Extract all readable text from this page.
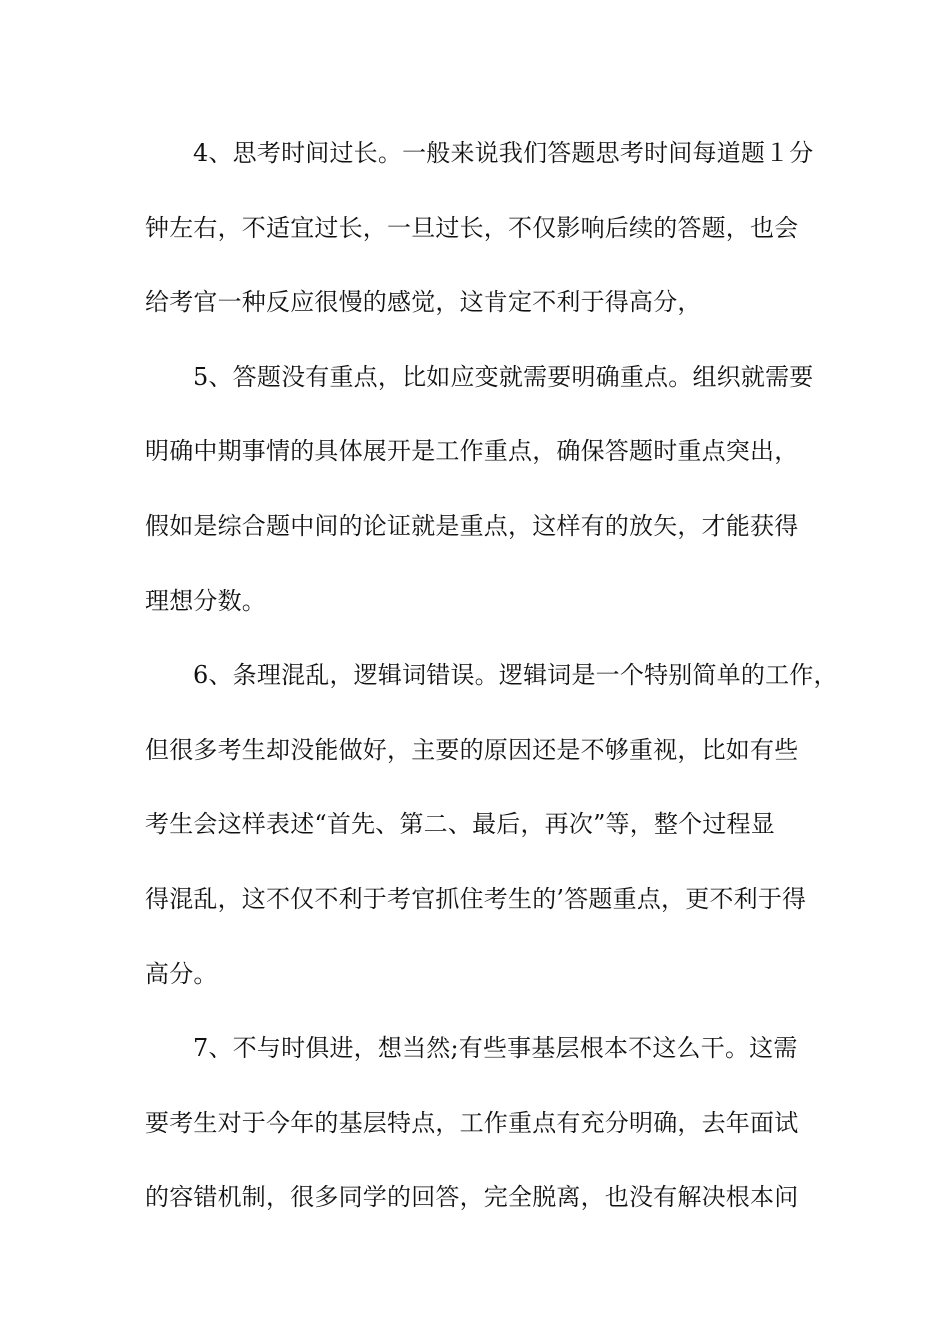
4、思考时间过长。一般来说我们答题思考时间每道题１分
钟左右，不适宜过长，一旦过长，不仅影响后续的答题，也会
给考官一种反应很慢的感觉，这肯定不利于得高分，
5、答题没有重点，比如应变就需要明确重点。组织就需要
明确中期事情的具体展开是工作重点，确保答题时重点突出，
假如是综合题中间的论证就是重点，这样有的放矢，才能获得
理想分数。
6、条理混乱，逻辑词错误。逻辑词是一个特别简单的工作，
但很多考生却没能做好，主要的原因还是不够重视，比如有些
考生会这样表述“首先、第二、最后，再次”等，整个过程显
得混乱，这不仅不利于考官抓住考生的’答题重点，更不利于得
高分。
7、不与时俱进，想当然;有些事基层根本不这么干。这需
要考生对于今年的基层特点，工作重点有充分明确，去年面试
的容错机制，很多同学的回答，完全脱离，也没有解决根本问
